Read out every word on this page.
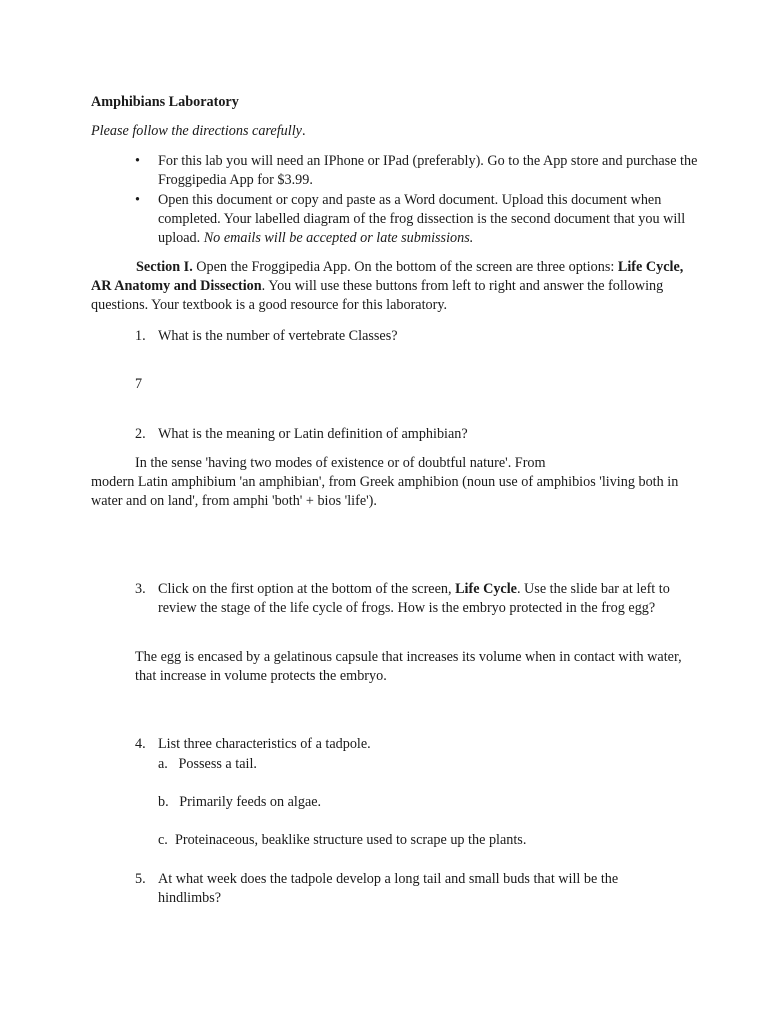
Amphibians Laboratory

Please follow the directions carefully.

•	For this lab you will need an IPhone or IPad (preferably). Go to the App store and purchase the Froggipedia App for $3.99.

•	Open this document or copy and paste as a Word document. Upload this document when completed. Your labelled diagram of the frog dissection is the second document that you will upload. No emails will be accepted or late submissions.

Section I. Open the Froggipedia App. On the bottom of the screen are three options: Life Cycle, AR Anatomy and Dissection. You will use these buttons from left to right and answer the following questions. Your textbook is a good resource for this laboratory.

1. What is the number of vertebrate Classes?

7

2. What is the meaning or Latin definition of amphibian?

In the sense 'having two modes of existence or of doubtful nature'. From
modern Latin amphibium 'an amphibian', from Greek amphibion (noun use of amphibios 'living both in water and on land', from amphi 'both' + bios 'life').

3. Click on the first option at the bottom of the screen, Life Cycle. Use the slide bar at left to review the stage of the life cycle of frogs. How is the embryo protected in the frog egg?

The egg is encased by a gelatinous capsule that increases its volume when in contact with water, that increase in volume protects the embryo.

4. List three characteristics of a tadpole.

a. Possess a tail.

b. Primarily feeds on algae.

c. Proteinaceous, beaklike structure used to scrape up the plants.

5. At what week does the tadpole develop a long tail and small buds that will be the hindlimbs?
